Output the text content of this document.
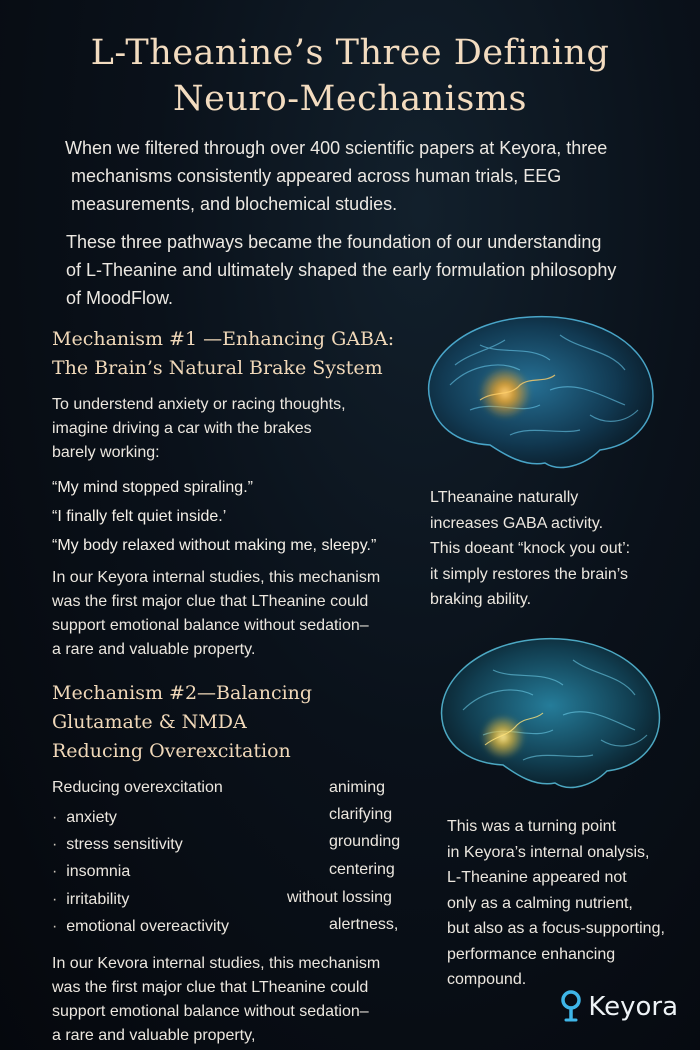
L-Theanine’s Three Defining
Neuro-Mechanisms
When we filtered through over 400 scientific papers at Keyora, three
mechanisms consistently appeared across human trials, EEG
measurements, and blochemical studies.
These three pathways became the foundation of our understanding
of L-Theanine and ultimately shaped the early formulation philosophy
of MoodFlow.
Mechanism #1 —Enhancing GABA:
The Brain’s Natural Brake System
To understend anxiety or racing thoughts,
imagine driving a car with the brakes
barely working:
“My mind stopped spiraling.”
“I finally felt quiet inside.’
“My body relaxed without making me, sleepy.”
LTheanaine naturally
increases GABA activity.
This doeant “knock you out’:
it simply restores the brain’s
braking ability.
In our Keyora internal studies, this mechanism
was the first major clue that LTheanine could
support emotional balance without sedation–
a rare and valuable property.
Mechanism #2—Balancing
Glutamate & NMDA
Reducing Overexcitation
Reducing overexcitation
·  anxiety
·  stress sensitivity
·  insomnia
·  irritability
·  emotional overeactivity
animing
clarifying
grounding
centering
without lossing
alertness,
This was a turning point
in Keyora’s internal onalysis,
L-Theanine appeared not
only as a calming nutrient,
but also as a focus-supporting,
performance enhancing
compound.
In our Kevora internal studies, this mechanism
was the first major clue that LTheanine could
support emotional balance without sedation–
a rare and valuable property,
Keyora
